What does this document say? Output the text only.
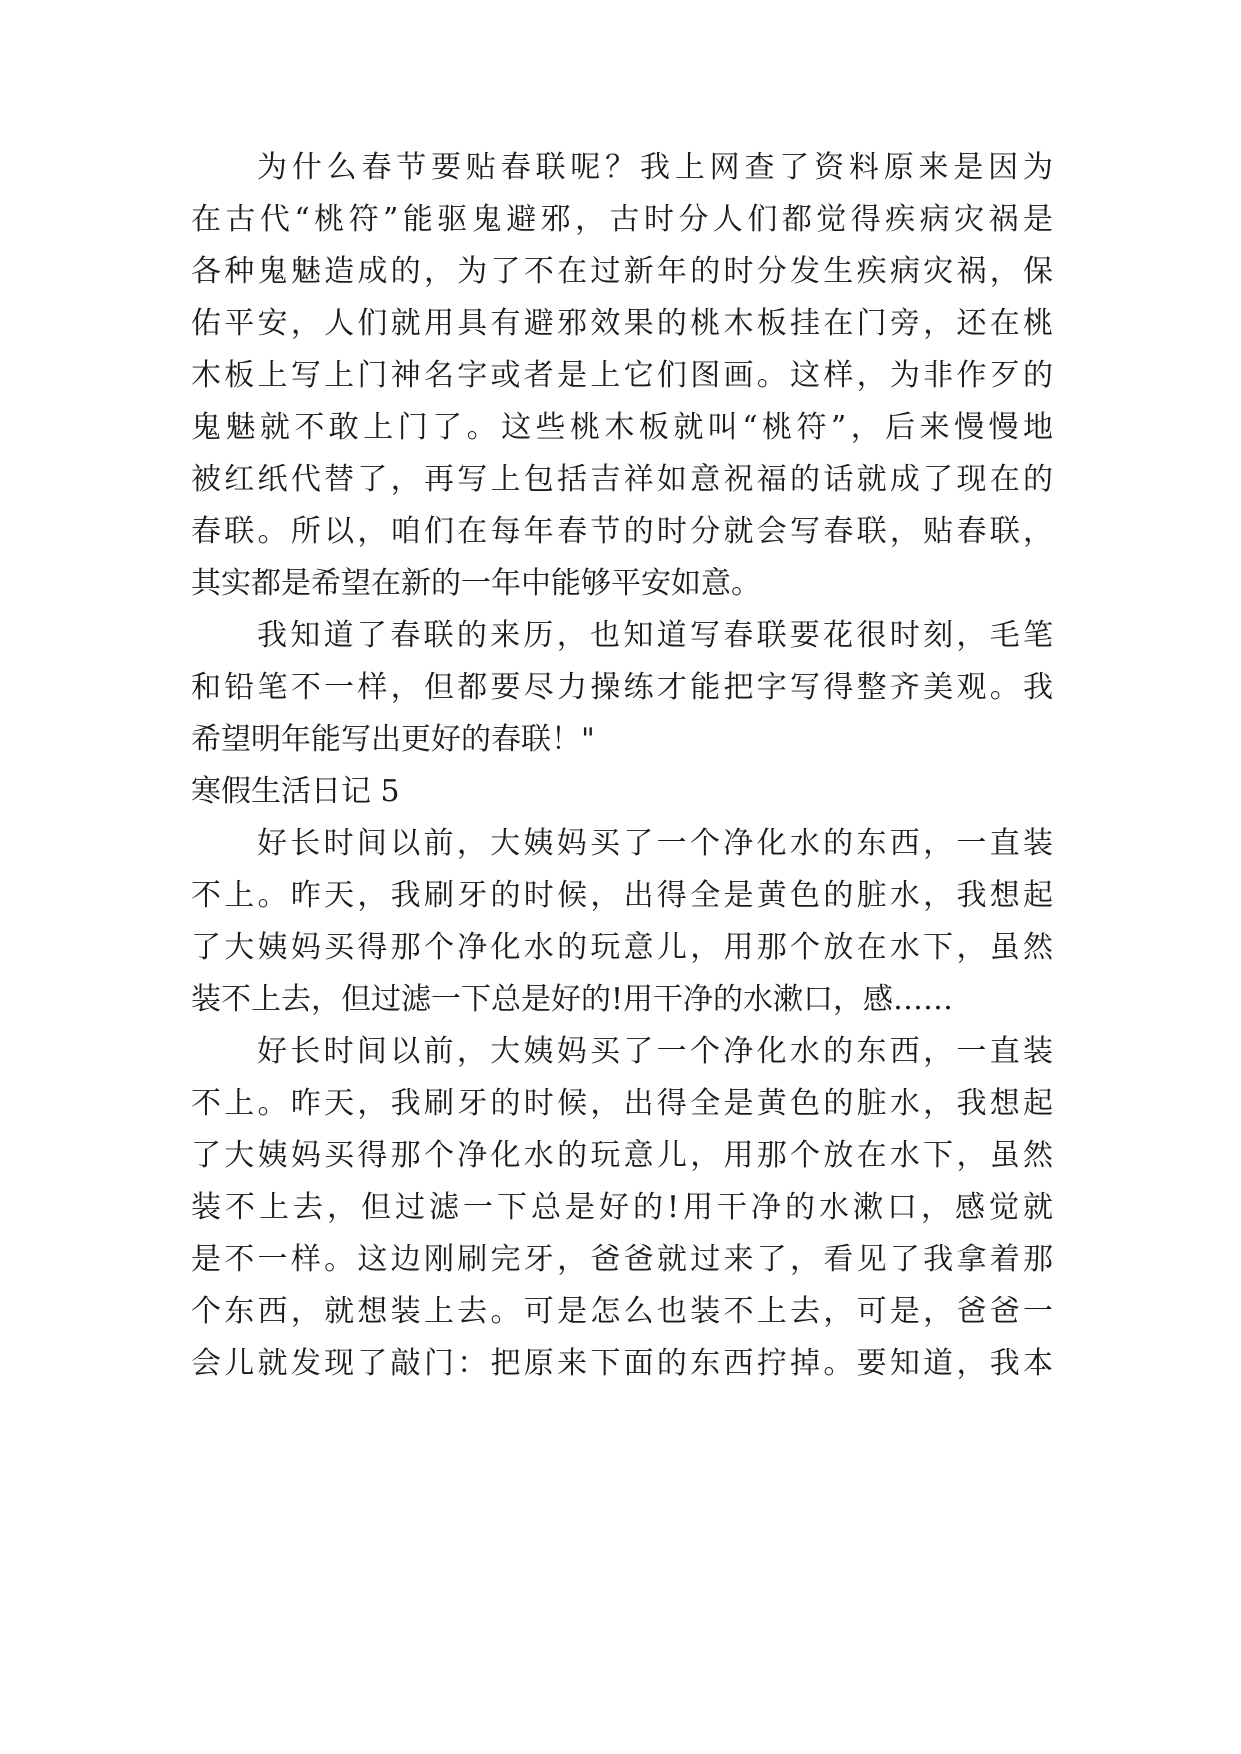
为什么春节要贴春联呢？我上网查了资料原来是因为
在古代“桃符”能驱鬼避邪，古时分人们都觉得疾病灾祸是
各种鬼魅造成的，为了不在过新年的时分发生疾病灾祸，保
佑平安，人们就用具有避邪效果的桃木板挂在门旁，还在桃
木板上写上门神名字或者是上它们图画。这样，为非作歹的
鬼魅就不敢上门了。这些桃木板就叫“桃符”，后来慢慢地
被红纸代替了，再写上包括吉祥如意祝福的话就成了现在的
春联。所以，咱们在每年春节的时分就会写春联，贴春联，
其实都是希望在新的一年中能够平安如意。
我知道了春联的来历，也知道写春联要花很时刻，毛笔
和铅笔不一样，但都要尽力操练才能把字写得整齐美观。我
希望明年能写出更好的春联！"
寒假生活日记 5
好长时间以前，大姨妈买了一个净化水的东西，一直装
不上。昨天，我刷牙的时候，出得全是黄色的脏水，我想起
了大姨妈买得那个净化水的玩意儿，用那个放在水下，虽然
装不上去，但过滤一下总是好的!用干净的水漱口，感……
好长时间以前，大姨妈买了一个净化水的东西，一直装
不上。昨天，我刷牙的时候，出得全是黄色的脏水，我想起
了大姨妈买得那个净化水的玩意儿，用那个放在水下，虽然
装不上去，但过滤一下总是好的!用干净的水漱口，感觉就
是不一样。这边刚刷完牙，爸爸就过来了，看见了我拿着那
个东西，就想装上去。可是怎么也装不上去，可是，爸爸一
会儿就发现了敲门：把原来下面的东西拧掉。要知道，我本
